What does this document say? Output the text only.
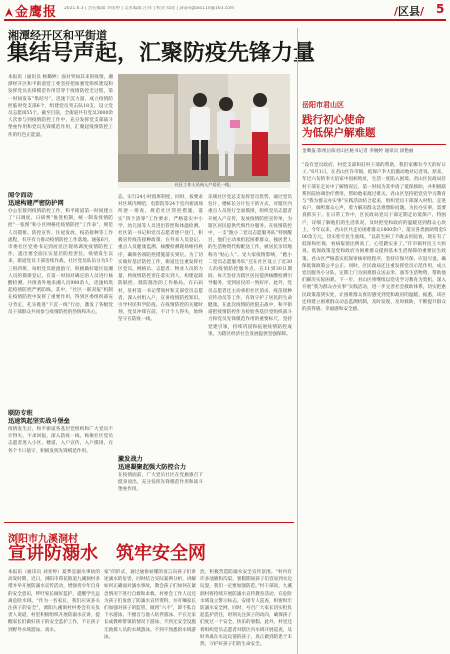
金鹰报 2021.6.3 | 责任编辑 李纽婷 | 美术编辑 汪祥 | 校对 郑瑶 | jinyingbao110@163.com	/区县/ 5
湘潭经开区和平街道
集结号声起，汇聚防疫先锋力量
本报讯（通讯员 杨璐婷）面对突如其来的疫情，湘潭经开区和平街道党工委坚持把加强党组织建设和发挥党员先锋模范作用贯穿于疫情防控全过程，第一时间发布“集结号”，迅速下沉力量，成立疫情防控临时党支部6个，组建党员突击队18支，设立党员志愿岗55个。截至目前，全街道共有党员3000余人次参与到疫情防控工作中，充分发挥党支部战斗堡垒作用和党员先锋模范作用，汇聚起疫情防控工作的红色正能量。
社区工作人员向入户居民一线。
闻令而动
迅速构建严密防护网
办公室接到疫情防控工作，和平街道第一时间建立了“日调度、日研判”推进机制，统一制发疫情防控“一张图”和小区网格化疫情防控“工作表”，规范人员摸排、防控宣传、住屋发放、疫苗接种等工作流程，有序有力推动疫情防控工作落地。通报6月，市委社区党委书记到居民区现场调度疫情防控工作，提出要全面压实基层防控责任。疫情发生以来，街道党员干部连续作战，社区党员队伍分为5个三组四班，每组党员轮流值守，积极做好辖区返湘人员的摸排登记，在第一时间对确定的人员进行核酸检测，共排查外地来湘人员900余人，迅速构筑起疫情防控严密防线。其中，“社区一联双报”机制在疫情防控中发挥了重要作用，得到区委组织部充分肯定，扎实推进“下沉一线”行动，激发了各级党员干部群众共同参与疫情防控的热情和决心。
联防专班
迅速筑起坚实战斗堡垒
疫情发生后，和平街道各基层党组织和广大党员不计得失、不求回报，深入防疫一线。杨俊社区党员志愿者进入小区、楼道、入户宣传、入户摸排，在各个卡口值守，积极发挥先锋模范作用。
态，实行24小时值班制度，同时，按要求对区域内网吧、电影院等24个室内密闭场所逐一排查，规范社区管控措施，落实“四个清零”工作要求，严格落实中小学、幼儿园等人员进出管控和体温检测。社区第一书记和党员志愿者逐户登门，积极宣传疫苗接种政策，在外来人员登记、重点人员健康监测、核酸检测现场维持秩序，确保各项防控措施落实到位。为了切实做好基层防控工作，街道还注重发挥社区党员、网格员、志愿者、物业人员的力量，将疫情防控责任落实到人，构建起联防联控、群防群治的工作格局。在石码村，驻村第一书记带领村和支部党员志愿者，深入村组入户，宣讲疫情防控知识，引导村民科学防疫。在疫情防控的关键时刻，党员冲锋在前，不计个人得失，始终坚守在防疫一线。
激发战力
迅速凝聚起强大防控合力
在疫情面前，广大党员社区在党旗感召下挺身而出，充分发挥先锋模范作用和战斗堡垒作用。
乐埔社区党总支发挥党员优势，通过党员包片、楼栋长分片包干的方式，对辖区内重点人员进行全面摸排，组织党员志愿者开展入户宣传，发放疫情防控宣传单，为辖区居民提供代购代办服务。在疫情防控中，一支“跑小二党员志愿服务队”特别醒目，他们主动承担起困难群众、独居老人的生活物资代购配送工作，被居民亲切地称为“贴心人”。受大家疫情影响，“跑小二党员志愿服务队”还在社区设立了近30人的疫情防控服务点，在11到30日期间，每天坚持为辖区居民提供核酸检测引导服务，受到居民的一致好评。此外，党员志愿者还主动承担社区消杀、疫苗接种宣传动员等工作，有效守护了居民的生命健康。在此次疫情防控阻击战中，和平街道把疫情防控作为检验各基层党组织战斗力和党员先锋模范作用的重要标尺，坚持党建引领，持续巩固和拓展疫情防控成果，为辖区经济社会发展提供坚强保障。
岳阳市君山区
践行初心使命
为低保户解难题
金鹰报·影视岳阳君山区秘书记者 李婉婷 通讯员 徐艳丽
“没有党员政府、村党支部和驻村干部的帮助，我们家哪有今天的好日子。”6月1日，在君山区许市镇，低保户李大伯激动地对记者说。原来，年过六旬的李大伯家中因病致贫，生活一度陷入困境。君山区民政局驻村干部在走访中了解情况后，第一时间为其申请了低保救助，并积极联系医院协调治疗费用，帮助他家渡过难关。君山区坚持把党史学习教育与“我为群众办实事”实践活动结合起来，组织党员干部深入村组、走进农户，倾听群众心声，着力解决群众急难愁盼问题。为民办实事，需要真抓实干。在日常工作中，区民政局党员干部定期走访低保户、特困户，详细了解他们的生活状况，及时把党和政府的温暖送到群众心坎上。今年以来，君山区共走访困难群众1800余户，落实各类救助资金500余万元，切实兜牢民生底线。“以前生病了不敢去医院看，现在有了低保和医保，看病报销比例高了，心里踏实多了。”许市镇村民王大妈说。低保政策是党和政府为困难群众提供基本生活保障的重要民生政策。君山区严格落实低保审核审批程序，坚持应保尽保、应退尽退，确保低保政策公平公正。同时，区民政局还注重发挥党员示范作用，成立党员服务小分队，定期上门为困难群众送去米、油等生活物资，帮助他们解决实际困难。下一步，君山区将继续以党史学习教育为契机，深入开展“我为群众办实事”实践活动，进一步完善社会救助体系，切实把惠民政策落到实处，让困难群众真切感受到党和政府的温暖。据悉，该区还将建立困难群众动态监测机制，及时发现、及时救助，不断提升群众的获得感、幸福感和安全感。
浏阳市九溪洞村
宣讲防溺水　筑牢安全网
本报讯（通讯员 刘亚婷）夏季是溺水事故的高发时期，近日，浏阳市荷花街道九溪洞村多措并举开展防溺水宣传活动，增强青少年自身的安全意识，呼吁家长做好监护，提醒学生远离危险水域。“作为一名家长，我们应该多关注孩子的安全”，浏阳九溪洞村村委会有关负责人说道，村里积极组织开展防溺水宣讲，提醒家长们做好孩子的安全监护工作，不让孩子到野外水域游泳、戏水。
家”的形式，通过通俗易懂的语言向孩子们讲述溺水的危害，同时结合实际案例分析，讲解如何正确面对溺水事故，教会孩子们如何在紧急情况下进行自救和求救。村委会工作人员还为孩子们发放了防溺水宣传资料，并叮嘱家长们加强对孩子的监管，做到“六不”，即不私自下水游泳、不擅自与他人结伴游泳、不在无家长或教师带领的情况下游泳、不到无安全设施无救援人员的水域游泳、不到不熟悉的水域游泳。
治，积极营造防溺水安全宣传氛围。“村内有许多池塘和沟渠，暑假期间孩子们容易到水边玩耍，我们一定要加强防范。”村干部说，九溪洞村将持续开展防溺水宣传教育活动，在危险水域设立警示标志，安排专人巡查，织密织牢防溺水安全网，同时，号召广大家长切实担负起监护责任，时刻关注孩子的动向，确保孩子们度过一个安全、快乐的暑假。此外，村里还将组织党员志愿者对辖区内水域开展巡查，及时劝离在水边玩耍的孩子，真正做到防患于未然，守护好孩子们的生命安全。
